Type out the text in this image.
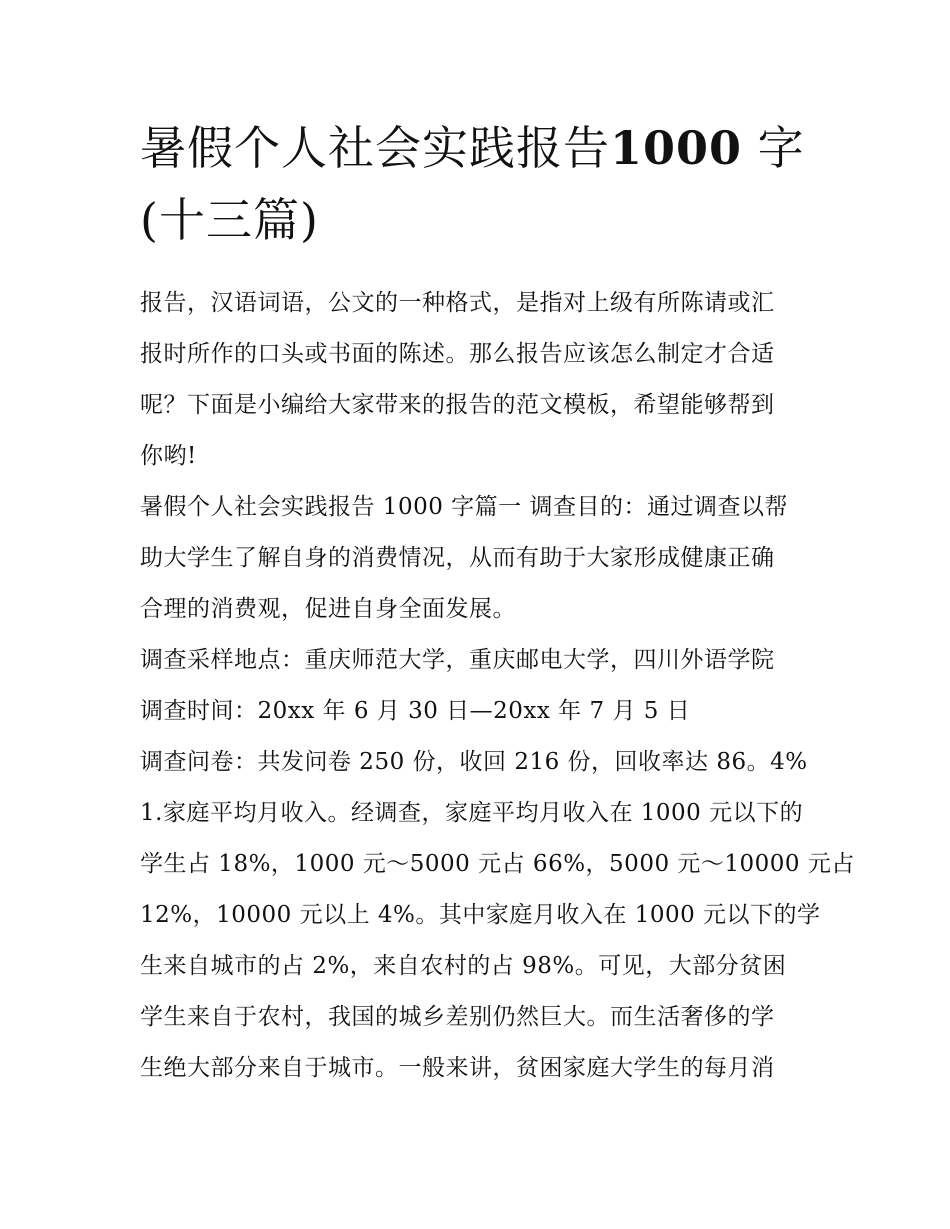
暑假个人社会实践报告1000 字
(十三篇)
报告，汉语词语，公文的一种格式，是指对上级有所陈请或汇
报时所作的口头或书面的陈述。那么报告应该怎么制定才合适
呢？下面是小编给大家带来的报告的范文模板，希望能够帮到
你哟!
暑假个人社会实践报告 1000 字篇一 调查目的：通过调查以帮
助大学生了解自身的消费情况，从而有助于大家形成健康正确
合理的消费观，促进自身全面发展。
调查采样地点：重庆师范大学，重庆邮电大学，四川外语学院
调查时间：20xx 年 6 月 30 日—20xx 年 7 月 5 日
调查问卷：共发问卷 250 份，收回 216 份，回收率达 86。4%
1.家庭平均月收入。经调查，家庭平均月收入在 1000 元以下的
学生占 18%，1000 元～5000 元占 66%，5000 元～10000 元占
12%，10000 元以上 4%。其中家庭月收入在 1000 元以下的学
生来自城市的占 2%，来自农村的占 98%。可见，大部分贫困
学生来自于农村，我国的城乡差别仍然巨大。而生活奢侈的学
生绝大部分来自于城市。一般来讲，贫困家庭大学生的每月消
